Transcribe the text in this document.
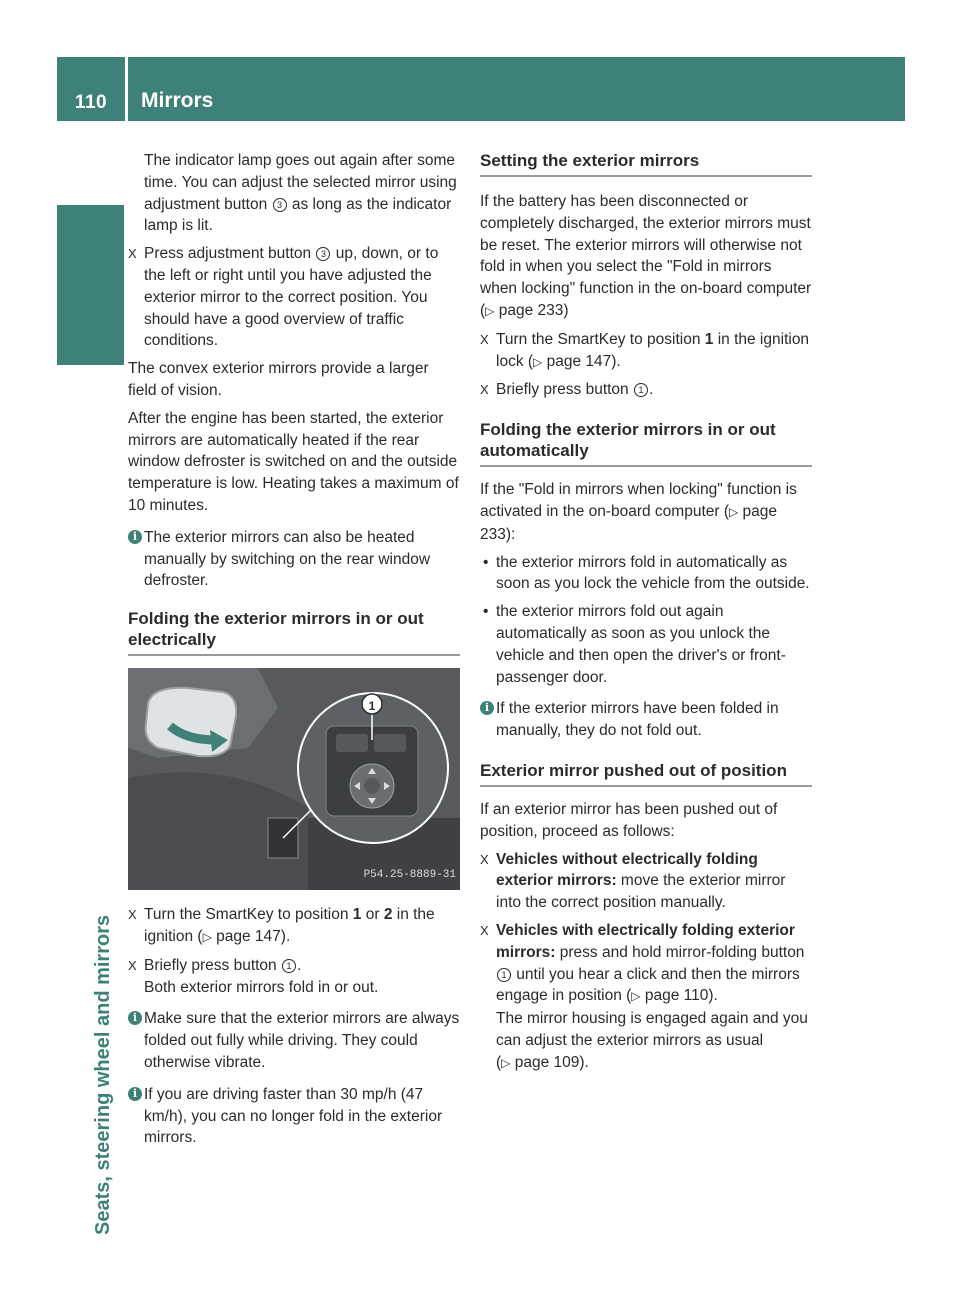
110	Mirrors
Seats, steering wheel and mirrors

The indicator lamp goes out again after some time. You can adjust the selected mirror using adjustment button 3 as long as the indicator lamp is lit.

X Press adjustment button 3 up, down, or to the left or right until you have adjusted the exterior mirror to the correct position. You should have a good overview of traffic conditions.

The convex exterior mirrors provide a larger field of vision.

After the engine has been started, the exterior mirrors are automatically heated if the rear window defroster is switched on and the outside temperature is low. Heating takes a maximum of 10 minutes.

i The exterior mirrors can also be heated manually by switching on the rear window defroster.
Folding the exterior mirrors in or out electrically
1
P54.25-8889-31
X Turn the SmartKey to position 1 or 2 in the ignition (▷ page 147).
X Briefly press button 1 .
Both exterior mirrors fold in or out.
i Make sure that the exterior mirrors are always folded out fully while driving. They could otherwise vibrate.
i If you are driving faster than 30 mp/h (47 km/h), you can no longer fold in the exterior mirrors.
Setting the exterior mirrors

If the battery has been disconnected or completely discharged, the exterior mirrors must be reset. The exterior mirrors will otherwise not fold in when you select the "Fold in mirrors when locking" function in the on-board computer (▷ page 233)

X Turn the SmartKey to position 1 in the ignition lock (▷ page 147).
X Briefly press button 1 .
Folding the exterior mirrors in or out automatically

If the "Fold in mirrors when locking" function is activated in the on-board computer (▷ page 233):

• the exterior mirrors fold in automatically as soon as you lock the vehicle from the outside.
• the exterior mirrors fold out again automatically as soon as you unlock the vehicle and then open the driver's or front-passenger door.
i If the exterior mirrors have been folded in manually, they do not fold out.
Exterior mirror pushed out of position

If an exterior mirror has been pushed out of position, proceed as follows:

X Vehicles without electrically folding exterior mirrors: move the exterior mirror into the correct position manually.
X Vehicles with electrically folding exterior mirrors: press and hold mirror-folding button 1 until you hear a click and then the mirrors engage in position (▷ page 110).
The mirror housing is engaged again and you can adjust the exterior mirrors as usual (▷ page 109).
